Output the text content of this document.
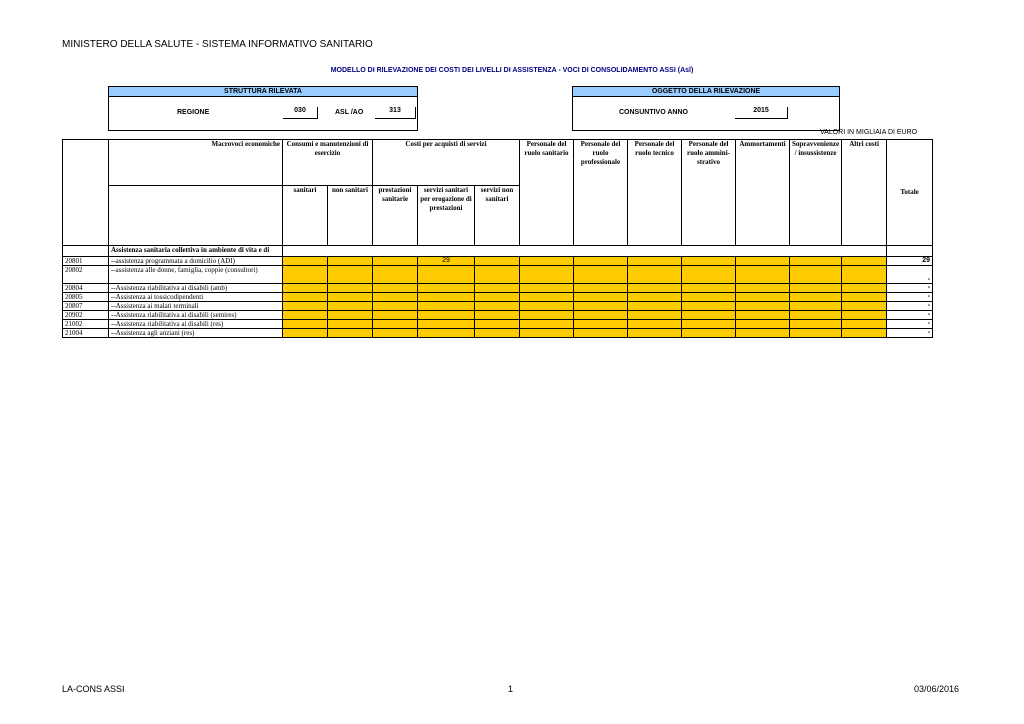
MINISTERO DELLA SALUTE - SISTEMA INFORMATIVO SANITARIO
MODELLO DI RILEVAZIONE DEI COSTI DEI LIVELLI DI ASSISTENZA - VOCI DI CONSOLIDAMENTO ASSI (Asl)
STRUTTURA RILEVATA
REGIONE	030	ASL /AO	313
OGGETTO DELLA RILEVAZIONE
CONSUNTIVO ANNO	2015
VALORI IN MIGLIAIA DI EURO
	Macrovoci economiche	Consumi e manutenzioni di esercizio		Costi per acquisti di servizi			Personale del ruolo sanitario	Personale del ruolo professionale	Personale del ruolo tecnico	Personale del ruolo ammini-strativo	Ammortamenti	Sopravvenienze / insussistenze	Altri costi	Totale
		sanitari	non sanitari	prestazioni sanitarie	servizi sanitari per erogazione di prestazioni	servizi non sanitari								
	Assistenza sanitaria collettiva in ambiente di vita e di													
20801	--assistenza programmata a domicilio (ADI)				29									29
20802	--assistenza alle donne, famiglia, coppie (consultori)													-
20804	--Assistenza riabilitativa ai disabili (amb)													-
20805	--Assistenza ai tossicodipendenti													-
20807	--Assistenza ai malati terminali													-
20902	--Assistenza riabilitativa ai disabili (semires)													-
21002	--Assistenza riabilitativa ai disabili (res)													-
21004	--Assistenza agli anziani (res)													-
LA-CONS ASSI	1	03/06/2016
